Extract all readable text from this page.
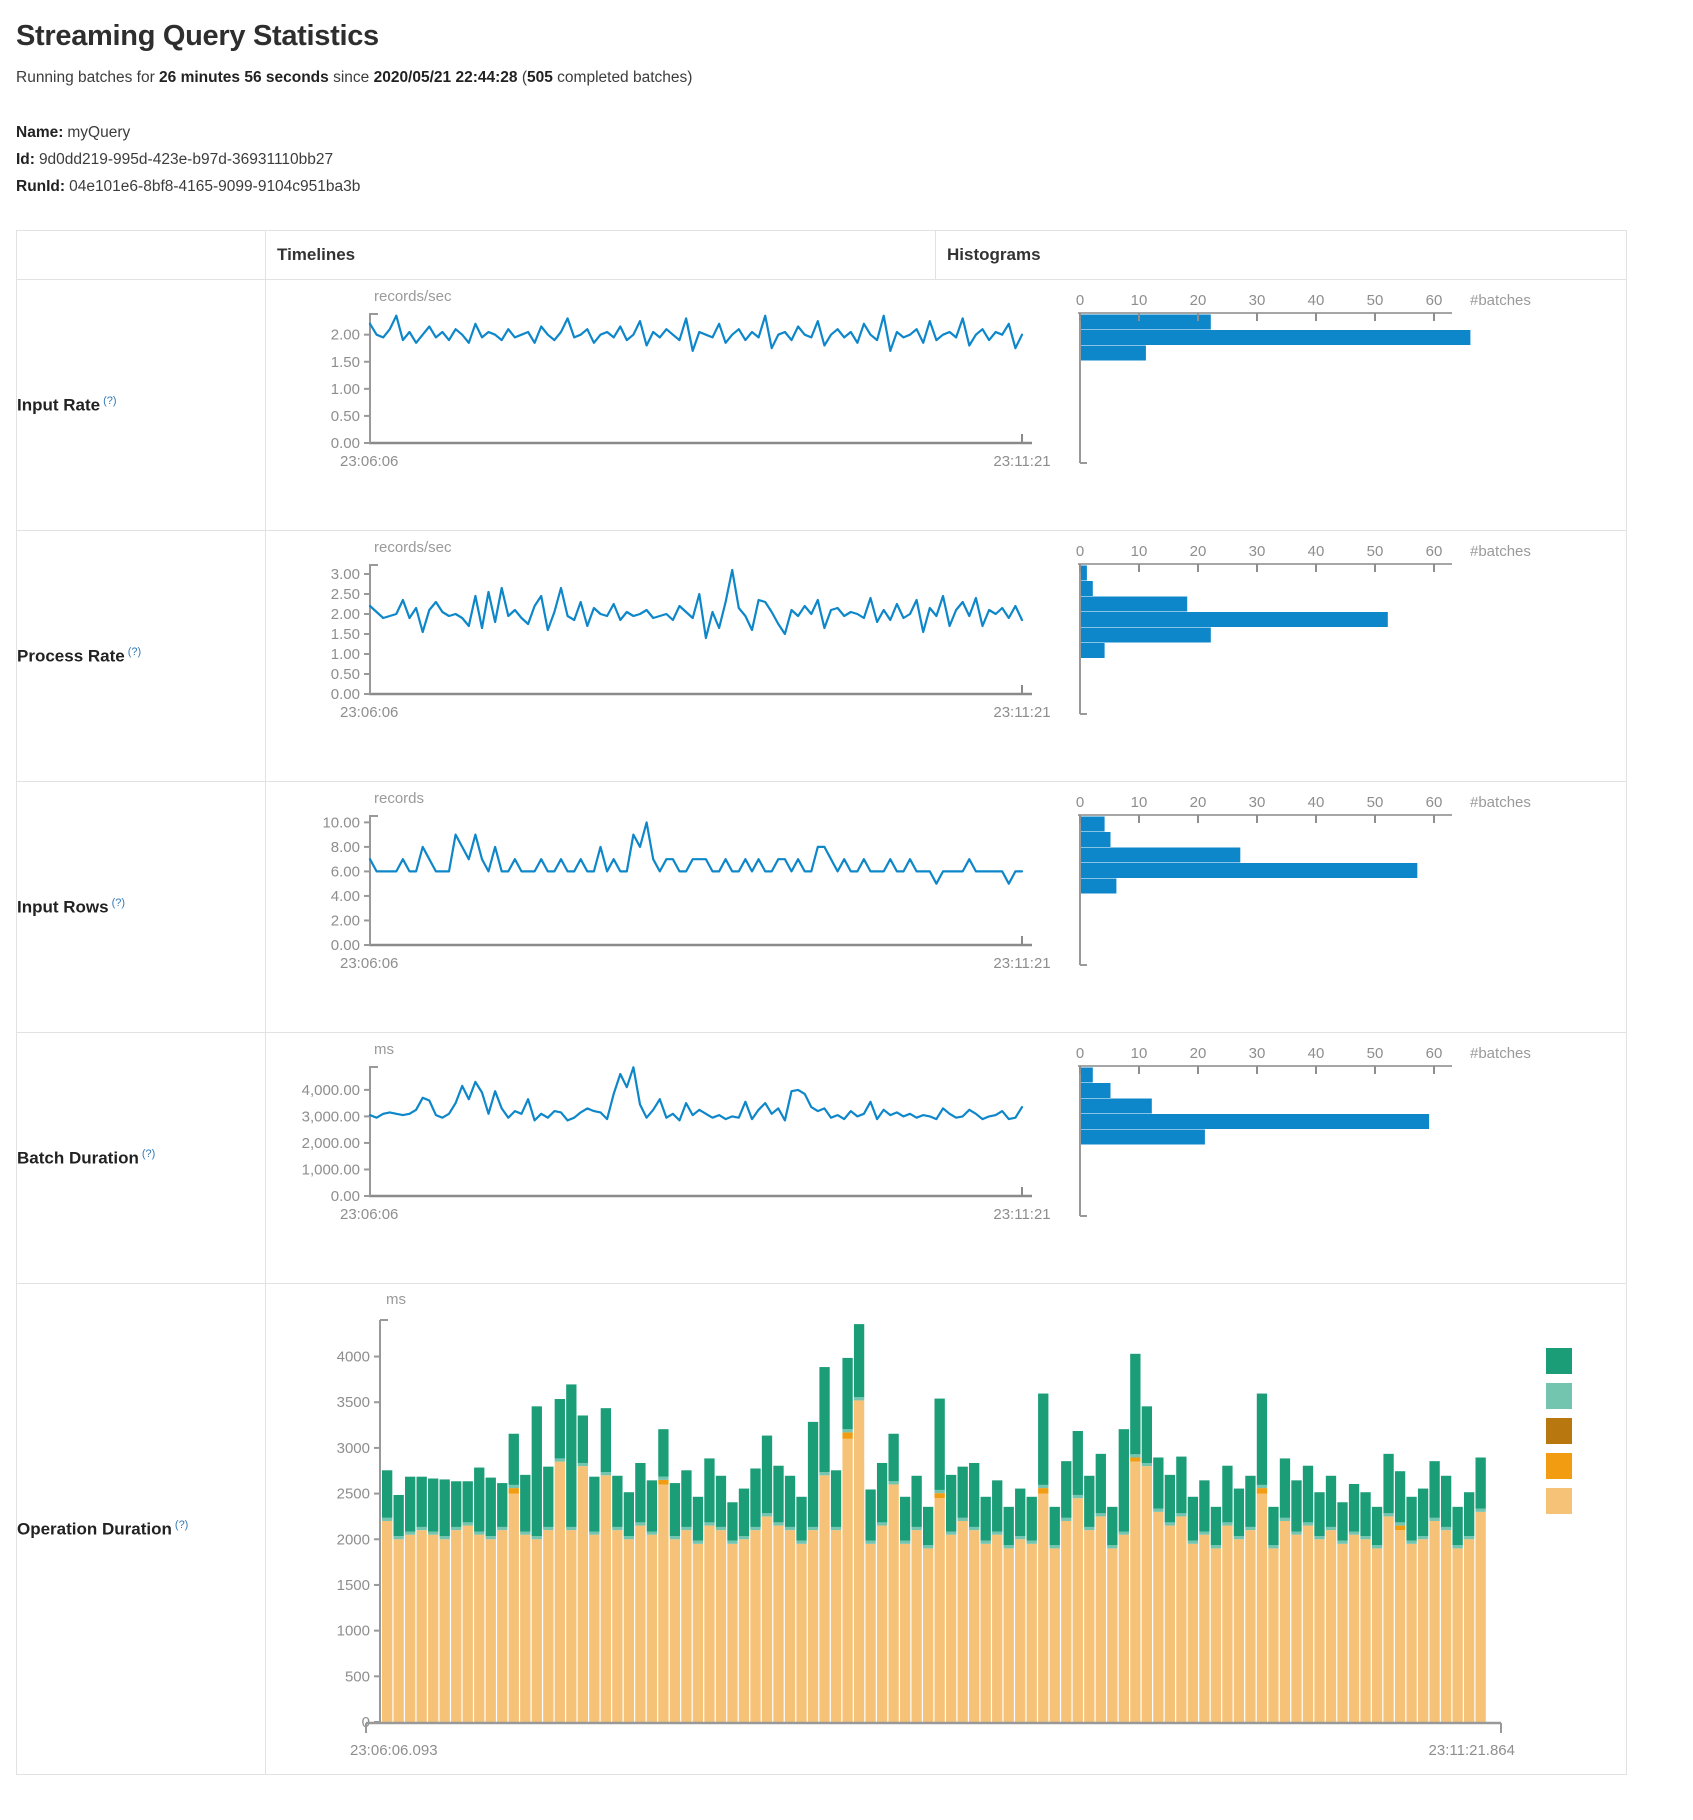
Streaming Query Statistics

Running batches for 26 minutes 56 seconds since 2020/05/21 22:44:28 (505 completed batches)

Name: myQuery
Id: 9d0dd219-995d-423e-b97d-36931110bb27
RunId: 04e101e6-8bf8-4165-9099-9104c951ba3b
	Timelines	Histograms
Input Rate (?)	
records/sec
2.00
1.50
1.00
0.50
0.00
23:06:06	23:11:21
0	10	20	30	40	50	60 #batches

Process Rate (?)	
records/sec
3.00
2.50
2.00
1.50
1.00
0.50
0.00
23:06:06	23:11:21
0	10	20	30	40	50	60 #batches

Input Rows (?)	
records
10.00
8.00
6.00
4.00
2.00
0.00
23:06:06	23:11:21
0	10	20	30	40	50	60 #batches

Batch Duration (?)	
ms
4,000.00
3,000.00
2,000.00
1,000.00
0.00
23:06:06	23:11:21
0	10	20	30	40	50	60 #batches

Operation Duration (?)	
ms
4000
3500
3000
2500
2000
1500
1000
500
0
23:06:06.093	23:11:21.864
